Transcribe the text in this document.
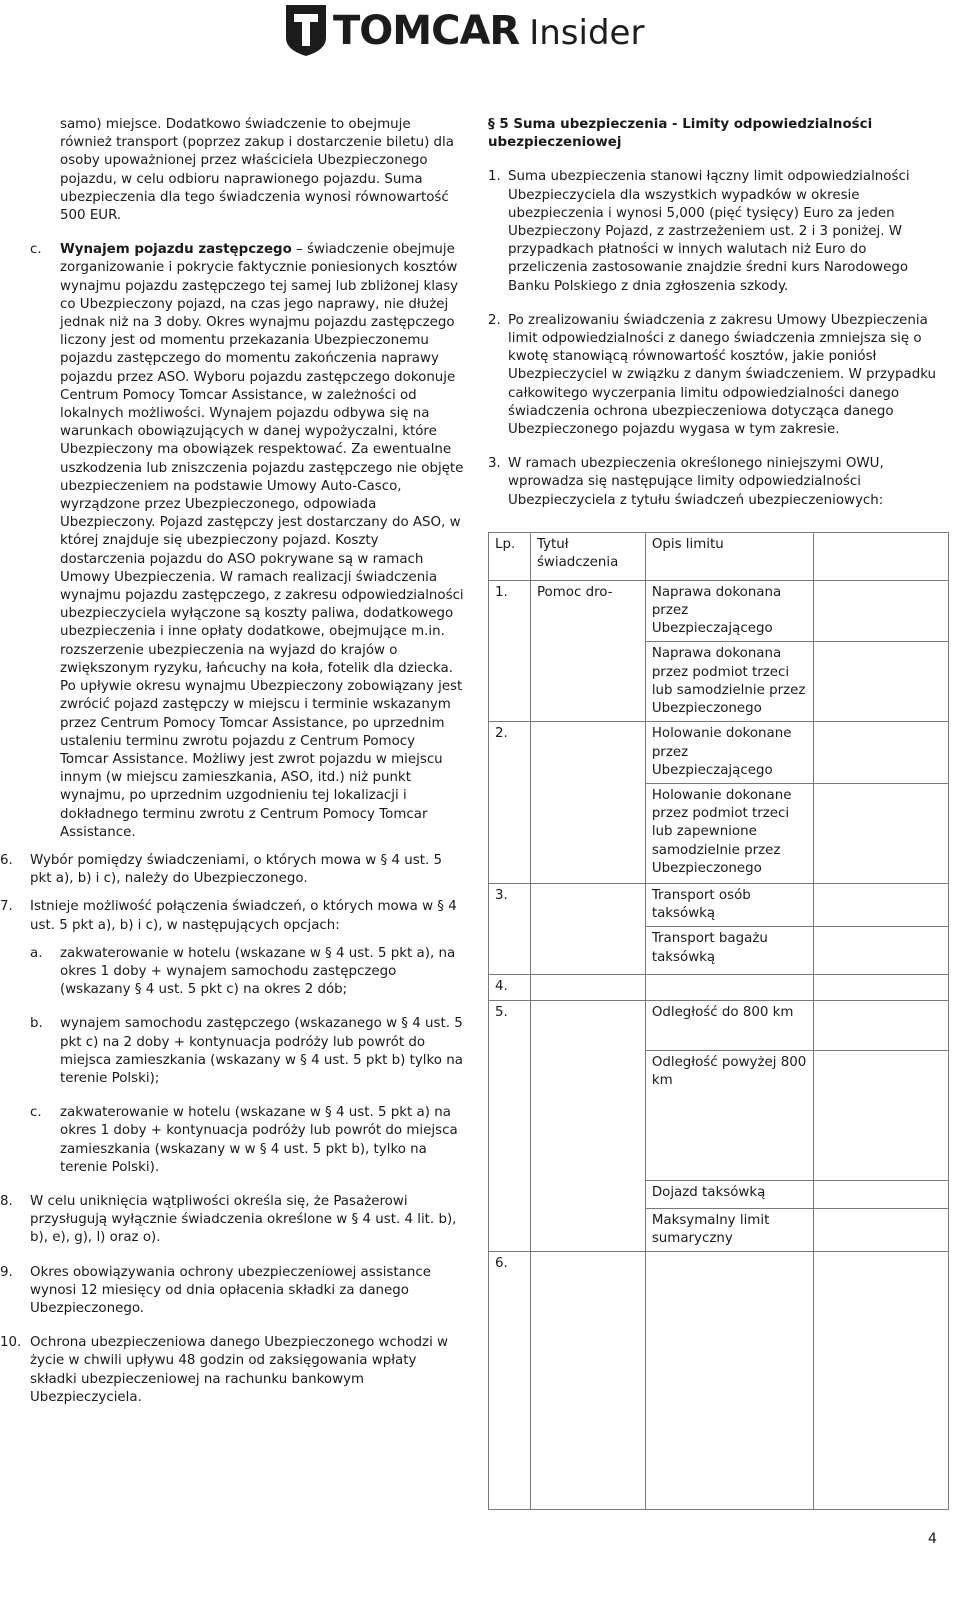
TOMCAR Insider

samo) miejsce. Dodatkowo świadczenie to obejmuje również transport (poprzez zakup i dostarczenie biletu) dla osoby upoważnionej przez właściciela Ubezpieczonego pojazdu, w celu odbioru naprawionego pojazdu. Suma ubezpieczenia dla tego świadczenia wynosi równowartość 500 EUR.

c. Wynajem pojazdu zastępczego – świadczenie obejmuje zorganizowanie i pokrycie faktycznie poniesionych kosztów wynajmu pojazdu zastępczego tej samej lub zbliżonej klasy co Ubezpieczony pojazd, na czas jego naprawy, nie dłużej jednak niż na 3 doby. Okres wynajmu pojazdu zastępczego liczony jest od momentu przekazania Ubezpieczonemu pojazdu zastępczego do momentu zakończenia naprawy pojazdu przez ASO. Wyboru pojazdu zastępczego dokonuje Centrum Pomocy Tomcar Assistance, w zależności od lokalnych możliwości. Wynajem pojazdu odbywa się na warunkach obowiązujących w danej wypożyczalni, które Ubezpieczony ma obowiązek respektować. Za ewentualne uszkodzenia lub zniszczenia pojazdu zastępczego nie objęte ubezpieczeniem na podstawie Umowy Auto-Casco, wyrządzone przez Ubezpieczonego, odpowiada Ubezpieczony. Pojazd zastępczy jest dostarczany do ASO, w której znajduje się ubezpieczony pojazd. Koszty dostarczenia pojazdu do ASO pokrywane są w ramach Umowy Ubezpieczenia. W ramach realizacji świadczenia wynajmu pojazdu zastępczego, z zakresu odpowiedzialności ubezpieczyciela wyłączone są koszty paliwa, dodatkowego ubezpieczenia i inne opłaty dodatkowe, obejmujące m.in. rozszerzenie ubezpieczenia na wyjazd do krajów o zwiększonym ryzyku, łańcuchy na koła, fotelik dla dziecka. Po upływie okresu wynajmu Ubezpieczony zobowiązany jest zwrócić pojazd zastępczy w miejscu i terminie wskazanym przez Centrum Pomocy Tomcar Assistance, po uprzednim ustaleniu terminu zwrotu pojazdu z Centrum Pomocy Tomcar Assistance. Możliwy jest zwrot pojazdu w miejscu innym (w miejscu zamieszkania, ASO, itd.) niż punkt wynajmu, po uprzednim uzgodnieniu tej lokalizacji i dokładnego terminu zwrotu z Centrum Pomocy Tomcar Assistance.

6. Wybór pomiędzy świadczeniami, o których mowa w § 4 ust. 5 pkt a), b) i c), należy do Ubezpieczonego.

7. Istnieje możliwość połączenia świadczeń, o których mowa w § 4 ust. 5 pkt a), b) i c), w następujących opcjach:

a. zakwaterowanie w hotelu (wskazane w § 4 ust. 5 pkt a), na okres 1 doby + wynajem samochodu zastępczego (wskazany § 4 ust. 5 pkt c) na okres 2 dób;

b. wynajem samochodu zastępczego (wskazanego w § 4 ust. 5 pkt c) na 2 doby + kontynuacja podróży lub powrót do miejsca zamieszkania (wskazany w § 4 ust. 5 pkt b) tylko na terenie Polski);

c. zakwaterowanie w hotelu (wskazane w § 4 ust. 5 pkt a) na okres 1 doby + kontynuacja podróży lub powrót do miejsca zamieszkania (wskazany w w § 4 ust. 5 pkt b), tylko na terenie Polski).

8. W celu uniknięcia wątpliwości określa się, że Pasażerowi przysługują wyłącznie świadczenia określone w § 4 ust. 4 lit. b), b), e), g), l) oraz o).

9. Okres obowiązywania ochrony ubezpieczeniowej assistance wynosi 12 miesięcy od dnia opłacenia składki za danego Ubezpieczonego.

10. Ochrona ubezpieczeniowa danego Ubezpieczonego wchodzi w życie w chwili upływu 48 godzin od zaksięgowania wpłaty składki ubezpieczeniowej na rachunku bankowym Ubezpieczyciela.

§ 5 Suma ubezpieczenia - Limity odpowiedzialności ubezpieczeniowej

1. Suma ubezpieczenia stanowi łączny limit odpowiedzialności Ubezpieczyciela dla wszystkich wypadków w okresie ubezpieczenia i wynosi 5,000 (pięć tysięcy) Euro za jeden Ubezpieczony Pojazd, z zastrzeżeniem ust. 2 i 3 poniżej. W przypadkach płatności w innych walutach niż Euro do przeliczenia zastosowanie znajdzie średni kurs Narodowego Banku Polskiego z dnia zgłoszenia szkody.

2. Po zrealizowaniu świadczenia z zakresu Umowy Ubezpieczenia limit odpowiedzialności z danego świadczenia zmniejsza się o kwotę stanowiącą równowartość kosztów, jakie poniósł Ubezpieczyciel w związku z danym świadczeniem. W przypadku całkowitego wyczerpania limitu odpowiedzialności danego świadczenia ochrona ubezpieczeniowa dotycząca danego Ubezpieczonego pojazdu wygasa w tym zakresie.

3. W ramach ubezpieczenia określonego niniejszymi OWU, wprowadza się następujące limity odpowiedzialności Ubezpieczyciela z tytułu świadczeń ubezpieczeniowych:

Lp.	Tytuł świadczenia	Opis limitu	
1.	Pomoc dro-	Naprawa dokonana przez Ubezpieczającego	
		Naprawa dokonana przez podmiot trzeci lub samodzielnie przez Ubezpieczonego	
2.		Holowanie dokonane przez Ubezpieczającego	
		Holowanie dokonane przez podmiot trzeci lub zapewnione samodzielnie przez Ubezpieczonego	
3.		Transport osób taksówką	
		Transport bagażu taksówką	
4.			
5.		Odległość do 800 km	
		Odległość powyżej 800 km	
		Dojazd taksówką	
		Maksymalny limit sumaryczny	
6.			
4
